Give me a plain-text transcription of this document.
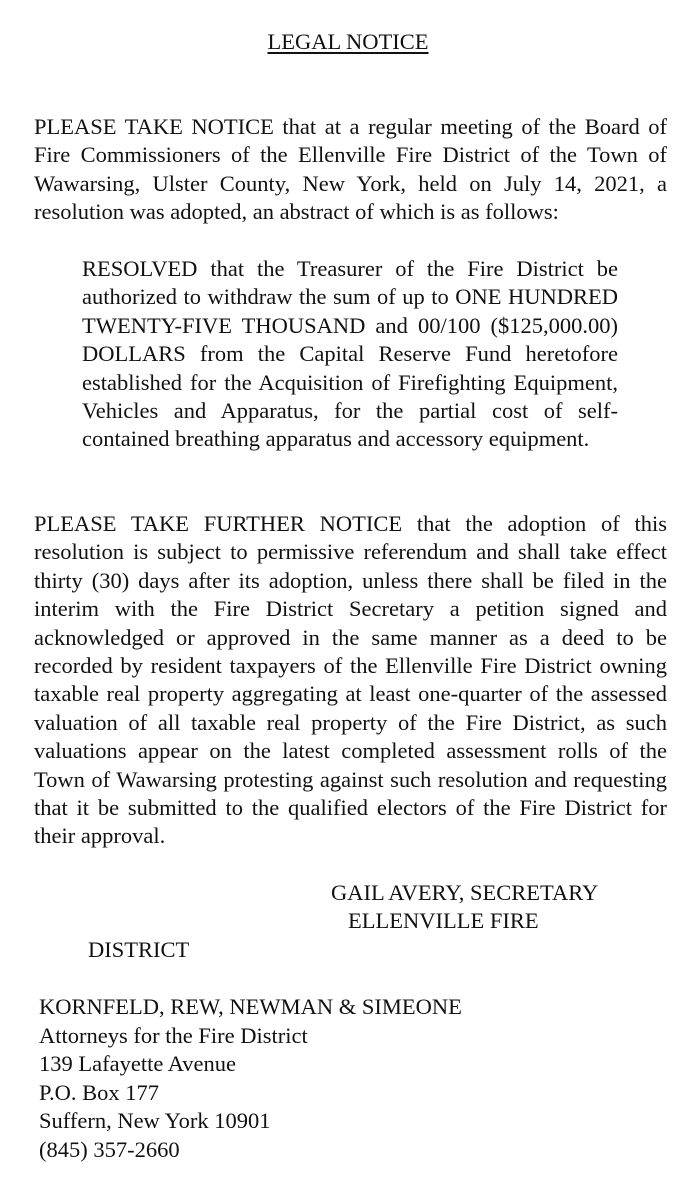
LEGAL NOTICE

PLEASE TAKE NOTICE that at a regular meeting of the Board of Fire Commissioners of the Ellenville Fire District of the Town of Wawarsing, Ulster County, New York, held on July 14, 2021, a resolution was adopted, an abstract of which is as follows:

RESOLVED that the Treasurer of the Fire District be authorized to withdraw the sum of up to ONE HUNDRED TWENTY-FIVE THOUSAND and 00/100 ($125,000.00) DOLLARS from the Capital Reserve Fund heretofore established for the Acquisition of Firefighting Equipment, Vehicles and Apparatus, for the partial cost of self-contained breathing apparatus and accessory equipment.

PLEASE TAKE FURTHER NOTICE that the adoption of this resolution is subject to permissive referendum and shall take effect thirty (30) days after its adoption, unless there shall be filed in the interim with the Fire District Secretary a petition signed and acknowledged or approved in the same manner as a deed to be recorded by resident taxpayers of the Ellenville Fire District owning taxable real property aggregating at least one-quarter of the assessed valuation of all taxable real property of the Fire District, as such valuations appear on the latest completed assessment rolls of the Town of Wawarsing protesting against such resolution and requesting that it be submitted to the qualified electors of the Fire District for their approval.

GAIL AVERY, SECRETARY
ELLENVILLE FIRE
DISTRICT
KORNFELD, REW, NEWMAN & SIMEONE
Attorneys for the Fire District
139 Lafayette Avenue
P.O. Box 177
Suffern, New York 10901
(845) 357-2660
